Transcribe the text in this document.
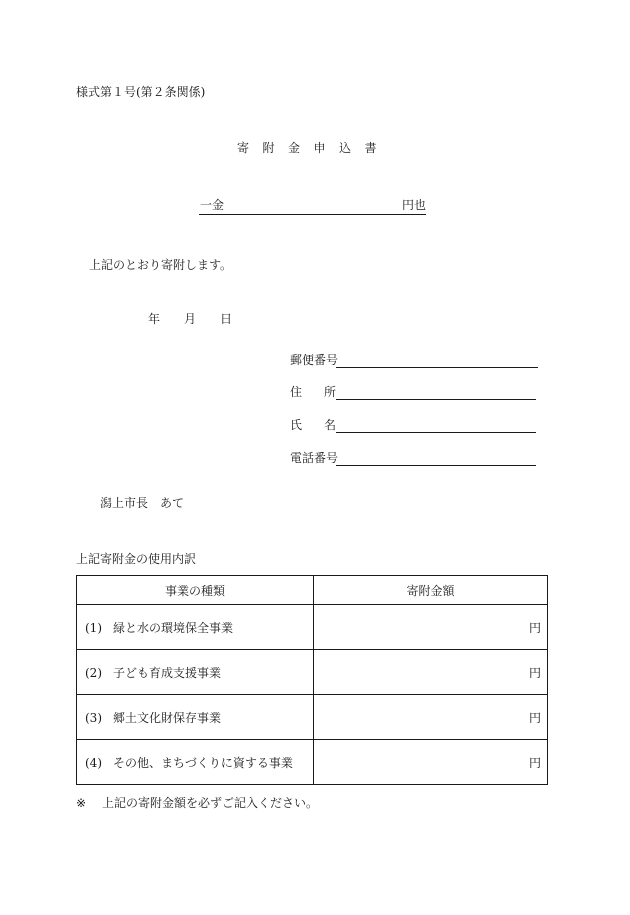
様式第１号(第２条関係)
寄附金申込書
一金	円也
上記のとおり寄附します。
年 月 日
郵便番号
住所
氏名
電話番号
潟上市長　あて
上記寄附金の使用内訳
事業の種類	寄附金額
(1) 緑と水の環境保全事業	円
(2) 子ども育成支援事業	円
(3) 郷土文化財保存事業	円
(4) その他、まちづくりに資する事業	円
※ 上記の寄附金額を必ずご記入ください。
